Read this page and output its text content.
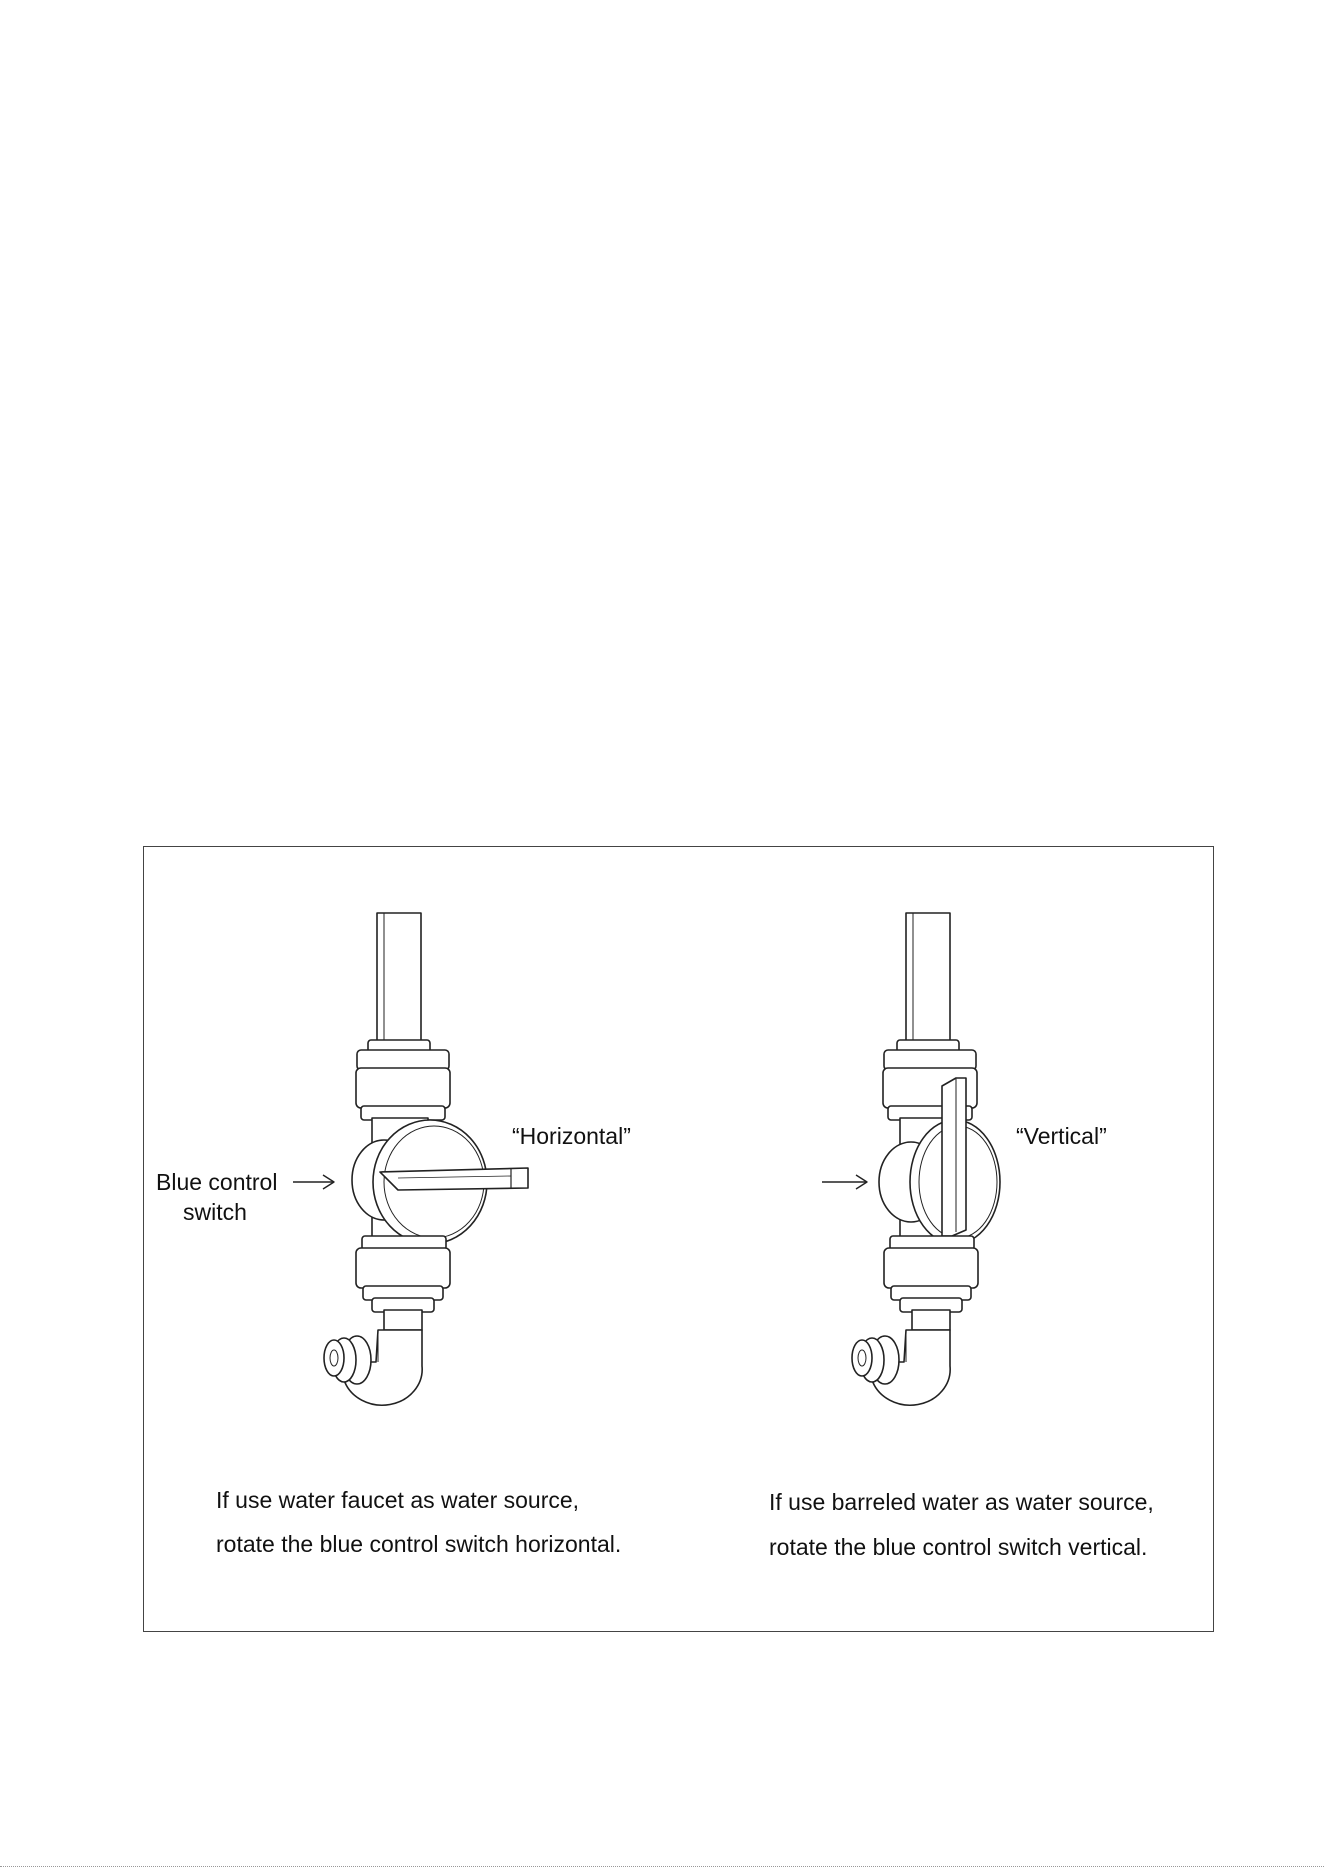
Blue control
switch
“Horizontal”	“Vertical”
If use water faucet as water source,
rotate the blue control switch horizontal.
If use barreled water as water source,
rotate the blue control switch vertical.
